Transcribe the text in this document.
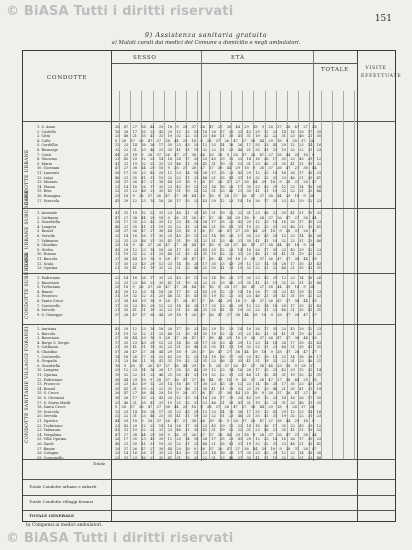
© BiASA Tutti i diritti riservati	151
9) Assistenza sanitaria gratuita
a) Malati curati dai medici del Comune a domicilio e negli ambulatori.
CONDOTTE
SESSO	ETÀ
TOTALE	VISITE EFFETTUATE
CONDOTTE URBANE
COND. URBANE SUBURBANE
CONDOTTE SUBURBANE
CONDOTTE SANITARIE VILLAGGI FORANEI
1. S. Anna	26 47 27 38 44 29 18 9 28 37 26 47 27 38 44 29 18 9 28 37 26 47 27 38
2. Castello	16 26 17 35 23 43 29 12 23 14 16 26 17 35 23 43 29 12 23 14 16 26 17 35
3. Città	23 46 21 35 41 31 19 32 22 31 23 46 21 35 41 31 19 32 22 31 23 46 21 35
4. Colle	9 28 37 26 47 27 38 44 29 18 9 28 37 26 47 27 38 44 29 18 9 28 37 26
5. Cordellia	12 23 14 16 26 17 35 23 43 29 12 23 14 16 26 17 35 23 43 29 12 23 14 16
6. Ricmanje	32 22 31 23 46 21 35 41 31 19 32 22 31 23 46 21 35 41 31 19 32 22 31 23
7. Conti	44 29 18 9 28 37 26 47 27 38 44 29 18 9 28 37 26 47 27 38 44 29 18 9
8. Giacomo	23 43 29 12 23 14 16 26 17 35 23 43 29 12 23 14 16 26 17 35 23 43 29 12
9. Maria	41 31 19 32 22 31 23 46 21 35 41 31 19 32 22 31 23 46 21 35 41 31 19 32
10. Giovanni	47 27 38 44 29 18 9 28 37 26 47 27 38 44 29 18 9 28 37 26 47 27 38 44
11. Laurenti	26 17 35 23 43 29 12 23 14 16 26 17 35 23 43 29 12 23 14 16 26 17 35 23
12. Luigi	46 21 35 41 31 19 32 22 31 23 46 21 35 41 31 19 32 22 31 23 46 21 35 41
13. Munaro	28 37 26 47 27 38 44 29 18 9 28 37 26 47 27 38 44 29 18 9 28 37 26 47
14. Piazza	23 14 16 26 17 35 23 43 29 12 23 14 16 26 17 35 23 43 29 12 23 14 16 26
15. Riva	22 31 23 46 21 35 41 31 19 32 22 31 23 46 21 35 41 31 19 32 22 31 23 46
16. Romagna	29 18 9 28 37 26 47 27 38 44 29 18 9 28 37 26 47 27 38 44 29 18 9 28
17. Scorcola	43 29 12 23 14 16 26 17 35 23 43 29 12 23 14 16 26 17 35 23 43 29 12 23
1. Arsenale	41 31 19 32 22 31 23 46 21 35 41 31 19 32 22 31 23 46 21 35 41 31 19 32
2. Cattinara	47 27 38 44 29 18 9 28 37 26 47 27 38 44 29 18 9 28 37 26 47 27 38 44
3. Guardiella	26 17 35 23 43 29 12 23 14 16 26 17 35 23 43 29 12 23 14 16 26 17 35 23
4. Longera	46 21 35 41 31 19 32 22 31 23 46 21 35 41 31 19 32 22 31 23 46 21 35 41
5. Rozzol	28 37 26 47 27 38 44 29 18 9 28 37 26 47 27 38 44 29 18 9 28 37 26 47
6. Servola	23 14 16 26 17 35 23 43 29 12 23 14 16 26 17 35 23 43 29 12 23 14 16 26
7. Valmaura	22 31 23 46 21 35 41 31 19 32 22 31 23 46 21 35 41 31 19 32 22 31 23 46
8. Chiadino	29 18 9 28 37 26 47 27 38 44 29 18 9 28 37 26 47 27 38 44 29 18 9 28
9. Gretta	43 29 12 23 14 16 26 17 35 23 43 29 12 23 14 16 26 17 35 23 43 29 12 23
10. Roiano	31 19 32 22 31 23 46 21 35 41 31 19 32 22 31 23 46 21 35 41 31 19 32 22
11. Barcola	27 38 44 29 18 9 28 37 26 47 27 38 44 29 18 9 28 37 26 47 27 38 44 29
12. Scala	17 35 23 43 29 12 23 14 16 26 17 35 23 43 29 12 23 14 16 26 17 35 23 43
13. Opicina	21 35 41 31 19 32 22 31 23 46 21 35 41 31 19 32 22 31 23 46 21 35 41 31
1. Padriciano	23 14 16 26 17 35 23 43 29 12 23 14 16 26 17 35 23 43 29 12 23 14 16 26
2. Basovizza	22 31 23 46 21 35 41 31 19 32 22 31 23 46 21 35 41 31 19 32 22 31 23 46
3. Trebiciano	29 18 9 28 37 26 47 27 38 44 29 18 9 28 37 26 47 27 38 44 29 18 9 28
4. Banne	43 29 12 23 14 16 26 17 35 23 43 29 12 23 14 16 26 17 35 23 43 29 12 23
5. Prosecco	31 19 32 22 31 23 46 21 35 41 31 19 32 22 31 23 46 21 35 41 31 19 32 22
6. Santa Croce	27 38 44 29 18 9 28 37 26 47 27 38 44 29 18 9 28 37 26 47 27 38 44 29
7. Contovello	17 35 23 43 29 12 23 14 16 26 17 35 23 43 29 12 23 14 16 26 17 35 23 43
8. Servola	21 35 41 31 19 32 22 31 23 46 21 35 41 31 19 32 22 31 23 46 21 35 41 31
9. S. Giuseppe	37 26 47 27 38 44 29 18 9 28 37 26 47 27 38 44 29 18 9 28 37 26 47 27
1. Aurisina	43 29 12 23 14 16 26 17 35 23 43 29 12 23 14 16 26 17 35 23 43 29 12 23
2. Barcola	31 19 32 22 31 23 46 21 35 41 31 19 32 22 31 23 46 21 35 41 31 19 32 22
3. Basovizza	27 38 44 29 18 9 28 37 26 47 27 38 44 29 18 9 28 37 26 47 27 38 44 29
4. Borgo S. Sergio	17 35 23 43 29 12 23 14 16 26 17 35 23 43 29 12 23 14 16 26 17 35 23 43
5. Cattinara	21 35 41 31 19 32 22 31 23 46 21 35 41 31 19 32 22 31 23 46 21 35 41 31
6. Chiadino	37 26 47 27 38 44 29 18 9 28 37 26 47 27 38 44 29 18 9 28 37 26 47 27
7. Contovello	14 16 26 17 35 23 43 29 12 23 14 16 26 17 35 23 43 29 12 23 14 16 26 17
8. Gropada	31 23 46 21 35 41 31 19 32 22 31 23 46 21 35 41 31 19 32 22 31 23 46 21
9. Guardiella	18 9 28 37 26 47 27 38 44 29 18 9 28 37 26 47 27 38 44 29 18 9 28 37
10. Longera	29 12 23 14 16 26 17 35 23 43 29 12 23 14 16 26 17 35 23 43 29 12 23 14
11. Opicina	19 32 22 31 23 46 21 35 41 31 19 32 22 31 23 46 21 35 41 31 19 32 22 31
12. Padriciano	38 44 29 18 9 28 37 26 47 27 38 44 29 18 9 28 37 26 47 27 38 44 29 18
13. Prosecco	35 23 43 29 12 23 14 16 26 17 35 23 43 29 12 23 14 16 26 17 35 23 43 29
14. Rozzol	35 41 31 19 32 22 31 23 46 21 35 41 31 19 32 22 31 23 46 21 35 41 31 19
15. S. Croce	26 47 27 38 44 29 18 9 28 37 26 47 27 38 44 29 18 9 28 37 26 47 27 38
16. S. Giovanni	16 26 17 35 23 43 29 12 23 14 16 26 17 35 23 43 29 12 23 14 16 26 17 35
17. S. Maria Madd.	23 46 21 35 41 31 19 32 22 31 23 46 21 35 41 31 19 32 22 31 23 46 21 35
18. Santa Croce	9 28 37 26 47 27 38 44 29 18 9 28 37 26 47 27 38 44 29 18 9 28 37 26
19. Scorcola	12 23 14 16 26 17 35 23 43 29 12 23 14 16 26 17 35 23 43 29 12 23 14 16
20. Servola	32 22 31 23 46 21 35 41 31 19 32 22 31 23 46 21 35 41 31 19 32 22 31 23
21. Sgonico	44 29 18 9 28 37 26 47 27 38 44 29 18 9 28 37 26 47 27 38 44 29 18 9
22. Trebiciano	23 43 29 12 23 14 16 26 17 35 23 43 29 12 23 14 16 26 17 35 23 43 29 12
23. Valmaura	41 31 19 32 22 31 23 46 21 35 41 31 19 32 22 31 23 46 21 35 41 31 19 32
24. Vergolana	47 27 38 44 29 18 9 28 37 26 47 27 38 44 29 18 9 28 37 26 47 27 38 44
25. Villa Opicina	26 17 35 23 43 29 12 23 14 16 26 17 35 23 43 29 12 23 14 16 26 17 35 23
26. Zaule	46 21 35 41 31 19 32 22 31 23 46 21 35 41 31 19 32 22 31 23 46 21 35 41
27. Banne	28 37 26 47 27 38 44 29 18 9 28 37 26 47 27 38 44 29 18 9 28 37 26 47
28. Cologna	23 14 16 26 17 35 23 43 29 12 23 14 16 26 17 35 23 43 29 12 23 14 16 26
29. Conconello	22 31 23 46 21 35 41 31 19 32 22 31 23 46 21 35 41 31 19 32 22 31 23 46
Totale
Totale Condotte urbane e suburb.
Totale Condotte villaggi foranei
TOTALE GENERALE
b) Compensi ai medici ambulatori.
© BiASA Tutti i diritti riservati
